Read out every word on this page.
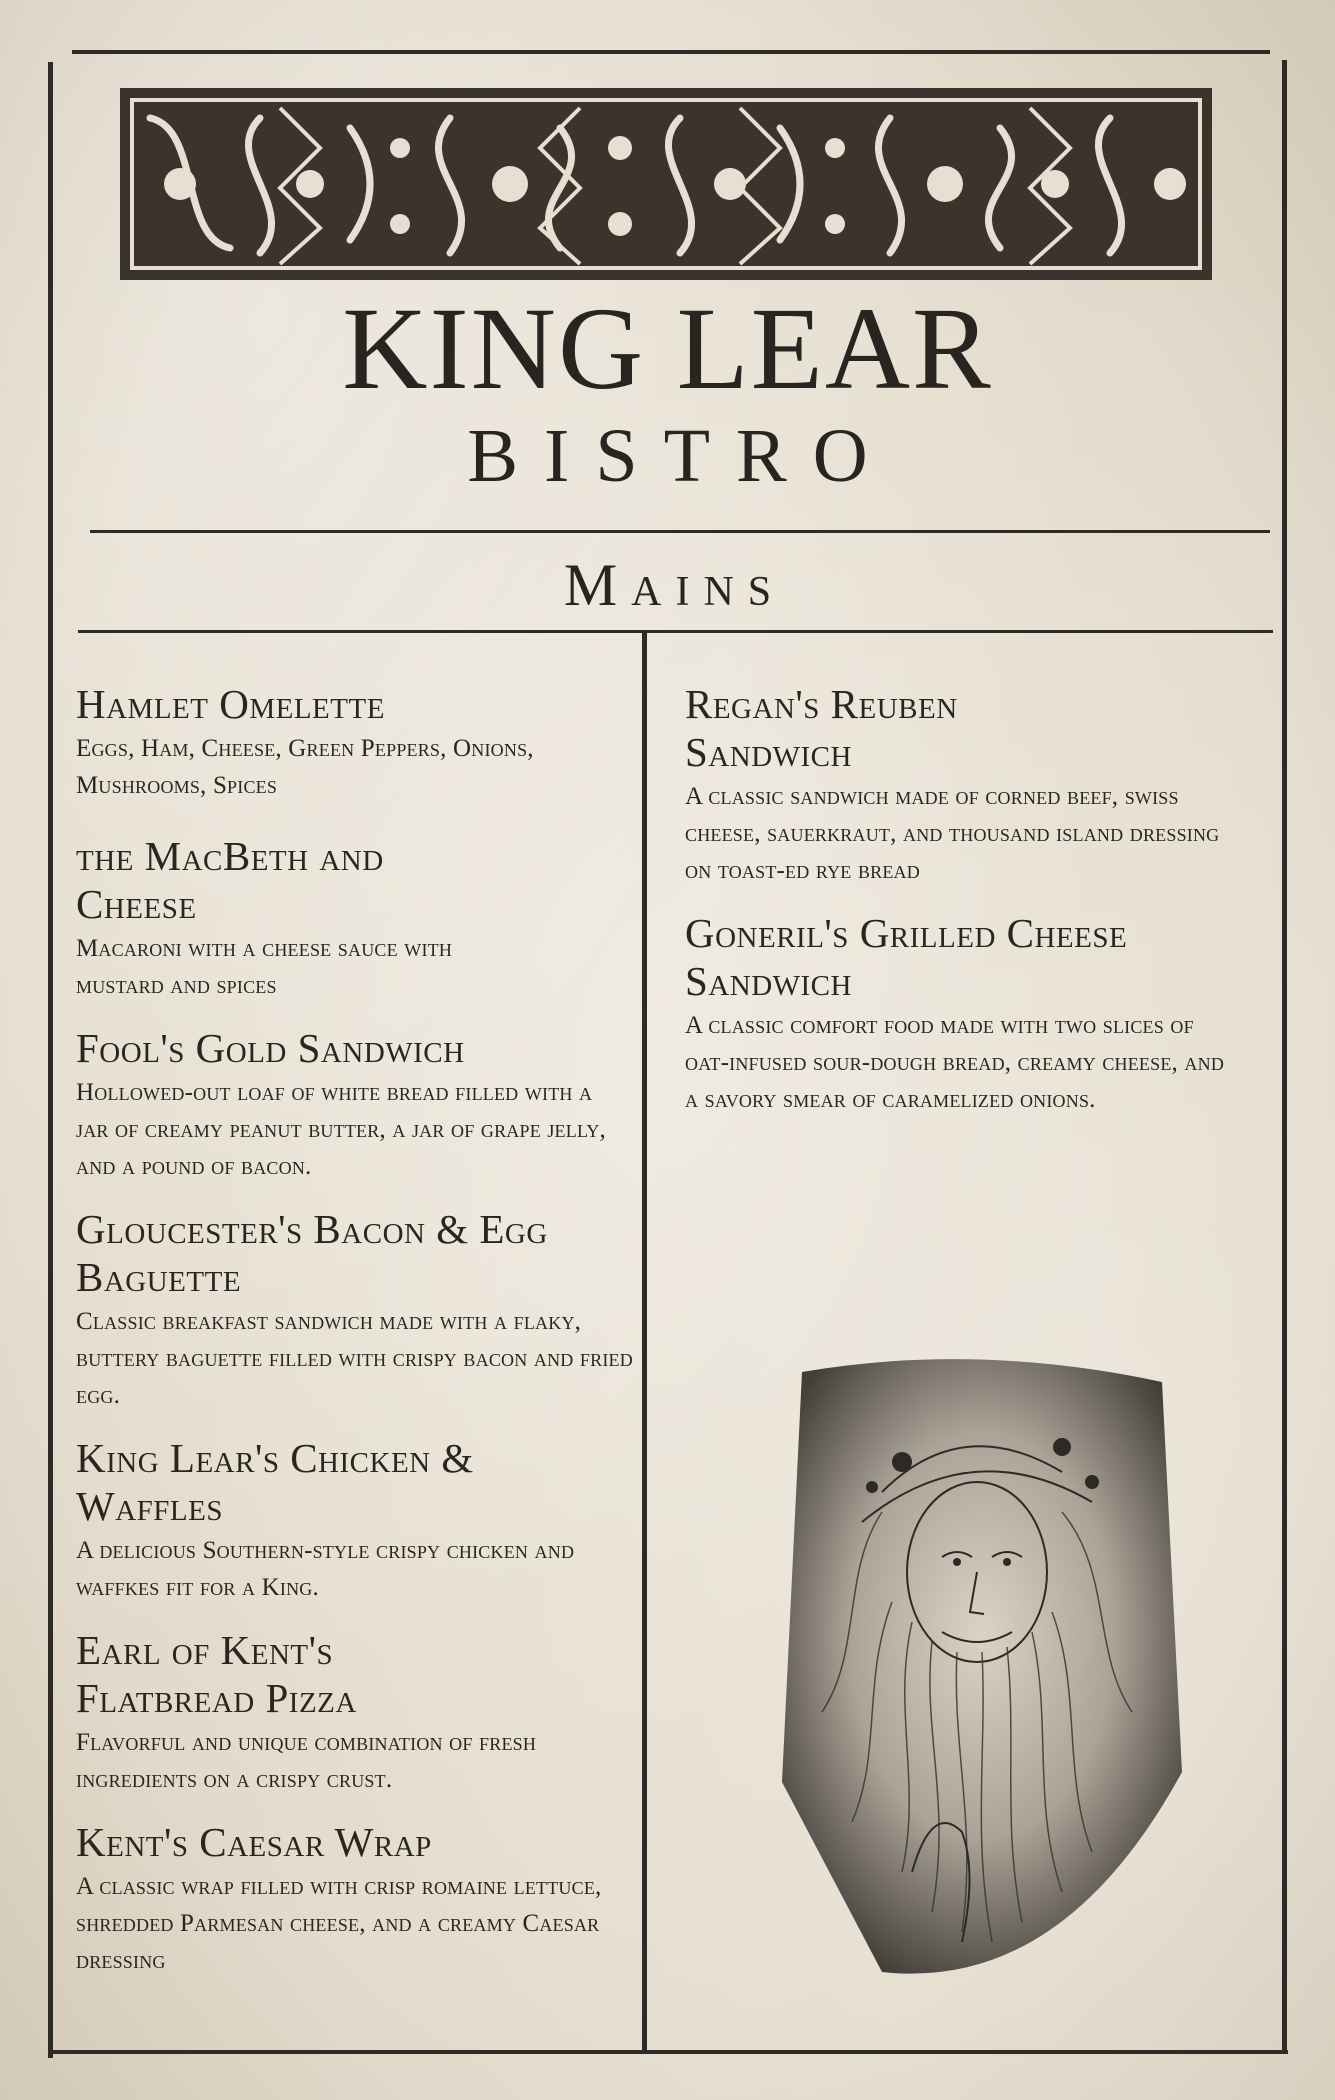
KING LEAR
BISTRO
Mains
Hamlet Omelette
Eggs, Ham, Cheese, Green Peppers, Onions, Mushrooms, Spices
the MacBeth and Cheese
Macaroni with a cheese sauce with mustard and spices
Fool's Gold Sandwich
Hollowed-out loaf of white bread filled with a jar of creamy peanut butter, a jar of grape jelly, and a pound of bacon.
Gloucester's Bacon & Egg Baguette
Classic breakfast sandwich made with a flaky, buttery baguette filled with crispy bacon and fried egg.
King Lear's Chicken & Waffles
A delicious Southern-style crispy chicken and waffkes fit for a King.
Earl of Kent's Flatbread Pizza
Flavorful and unique combination of fresh ingredients on a crispy crust.
Kent's Caesar Wrap
A classic wrap filled with crisp romaine lettuce, shredded Parmesan cheese, and a creamy Caesar dressing
Regan's Reuben Sandwich
A classic sandwich made of corned beef, swiss cheese, sauerkraut, and thousand island dressing on toast-ed rye bread
Goneril's Grilled Cheese Sandwich
A classic comfort food made with two slices of oat-infused sour-dough bread, creamy cheese, and a savory smear of caramelized onions.
